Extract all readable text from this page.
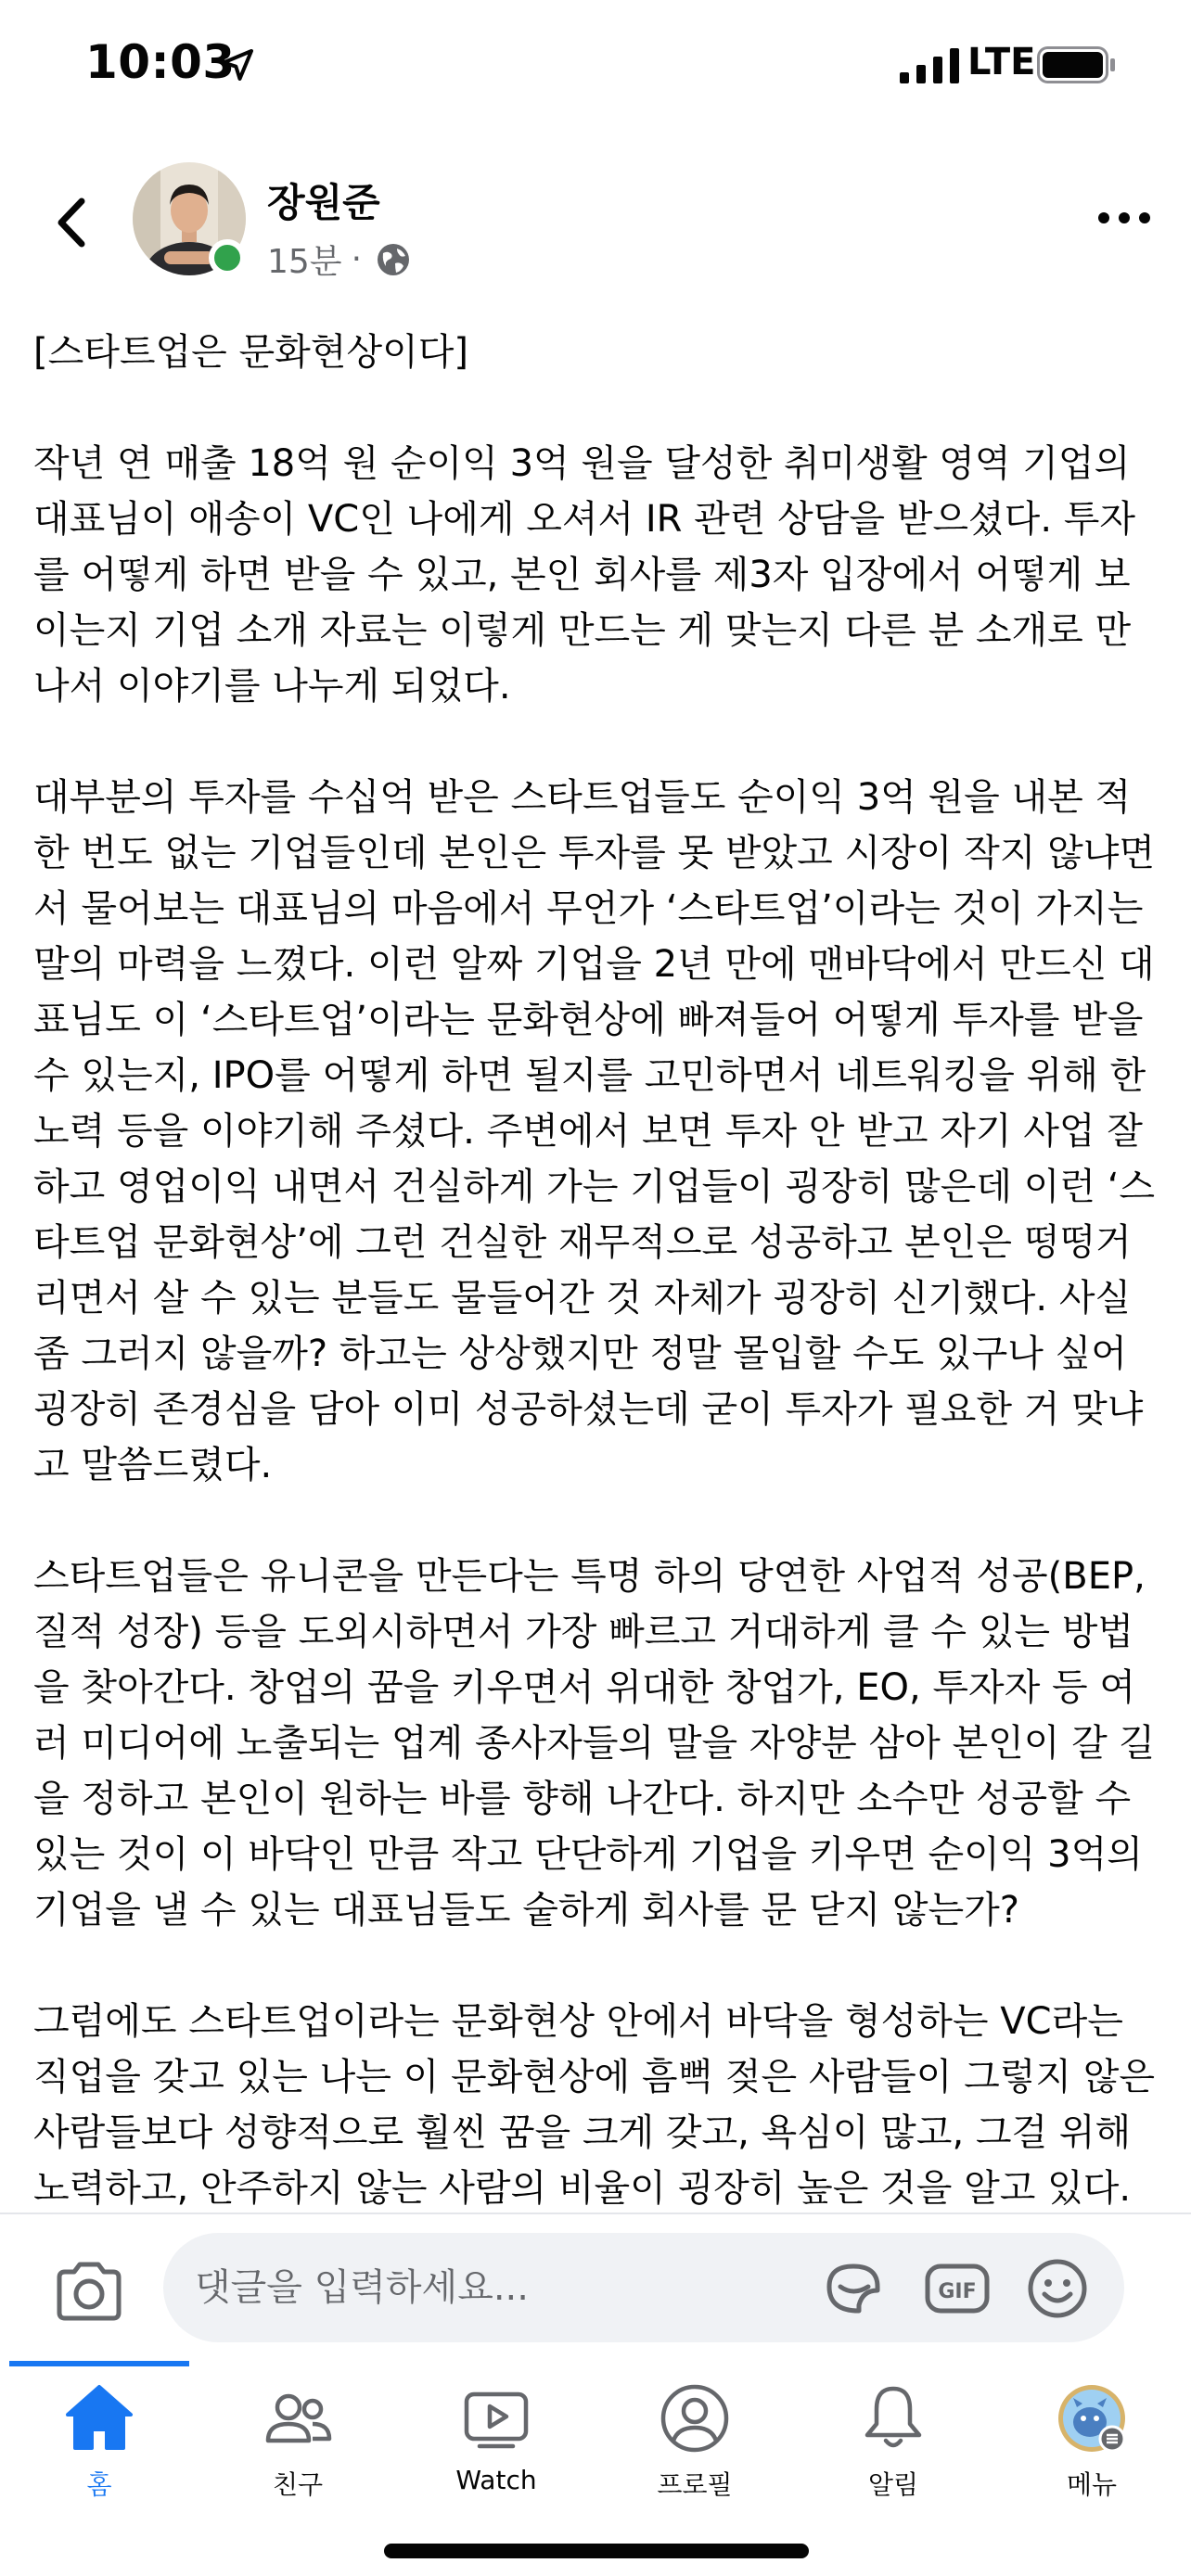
10:03	LTE
장원준
15분 ·

[스타트업은 문화현상이다]

작년 연 매출 18억 원 순이익 3억 원을 달성한 취미생활 영역 기업의 대표님이 애송이 VC인 나에게 오셔서 IR 관련 상담을 받으셨다. 투자를 어떻게 하면 받을 수 있고, 본인 회사를 제3자 입장에서 어떻게 보이는지 기업 소개 자료는 이렇게 만드는 게 맞는지 다른 분 소개로 만나서 이야기를 나누게 되었다.

대부분의 투자를 수십억 받은 스타트업들도 순이익 3억 원을 내본 적 한 번도 없는 기업들인데 본인은 투자를 못 받았고 시장이 작지 않냐면서 물어보는 대표님의 마음에서 무언가 ‘스타트업’이라는 것이 가지는 말의 마력을 느꼈다. 이런 알짜 기업을 2년 만에 맨바닥에서 만드신 대표님도 이 ‘스타트업’이라는 문화현상에 빠져들어 어떻게 투자를 받을 수 있는지, IPO를 어떻게 하면 될지를 고민하면서 네트워킹을 위해 한 노력 등을 이야기해 주셨다. 주변에서 보면 투자 안 받고 자기 사업 잘하고 영업이익 내면서 건실하게 가는 기업들이 굉장히 많은데 이런 ‘스타트업 문화현상’에 그런 건실한 재무적으로 성공하고 본인은 떵떵거리면서 살 수 있는 분들도 물들어간 것 자체가 굉장히 신기했다. 사실 좀 그러지 않을까? 하고는 상상했지만 정말 몰입할 수도 있구나 싶어 굉장히 존경심을 담아 이미 성공하셨는데 굳이 투자가 필요한 거 맞냐고 말씀드렸다.

스타트업들은 유니콘을 만든다는 특명 하의 당연한 사업적 성공(BEP, 질적 성장) 등을 도외시하면서 가장 빠르고 거대하게 클 수 있는 방법을 찾아간다. 창업의 꿈을 키우면서 위대한 창업가, EO, 투자자 등 여러 미디어에 노출되는 업계 종사자들의 말을 자양분 삼아 본인이 갈 길을 정하고 본인이 원하는 바를 향해 나간다. 하지만 소수만 성공할 수 있는 것이 이 바닥인 만큼 작고 단단하게 기업을 키우면 순이익 3억의 기업을 낼 수 있는 대표님들도 숱하게 회사를 문 닫지 않는가?

그럼에도 스타트업이라는 문화현상 안에서 바닥을 형성하는 VC라는 직업을 갖고 있는 나는 이 문화현상에 흠뻑 젖은 사람들이 그렇지 않은 사람들보다 성향적으로 훨씬 꿈을 크게 갖고, 욕심이 많고, 그걸 위해 노력하고, 안주하지 않는 사람의 비율이 굉장히 높은 것을 알고 있다.

댓글을 입력하세요...
GIF
홈	친구	Watch	프로필	알림	메뉴
